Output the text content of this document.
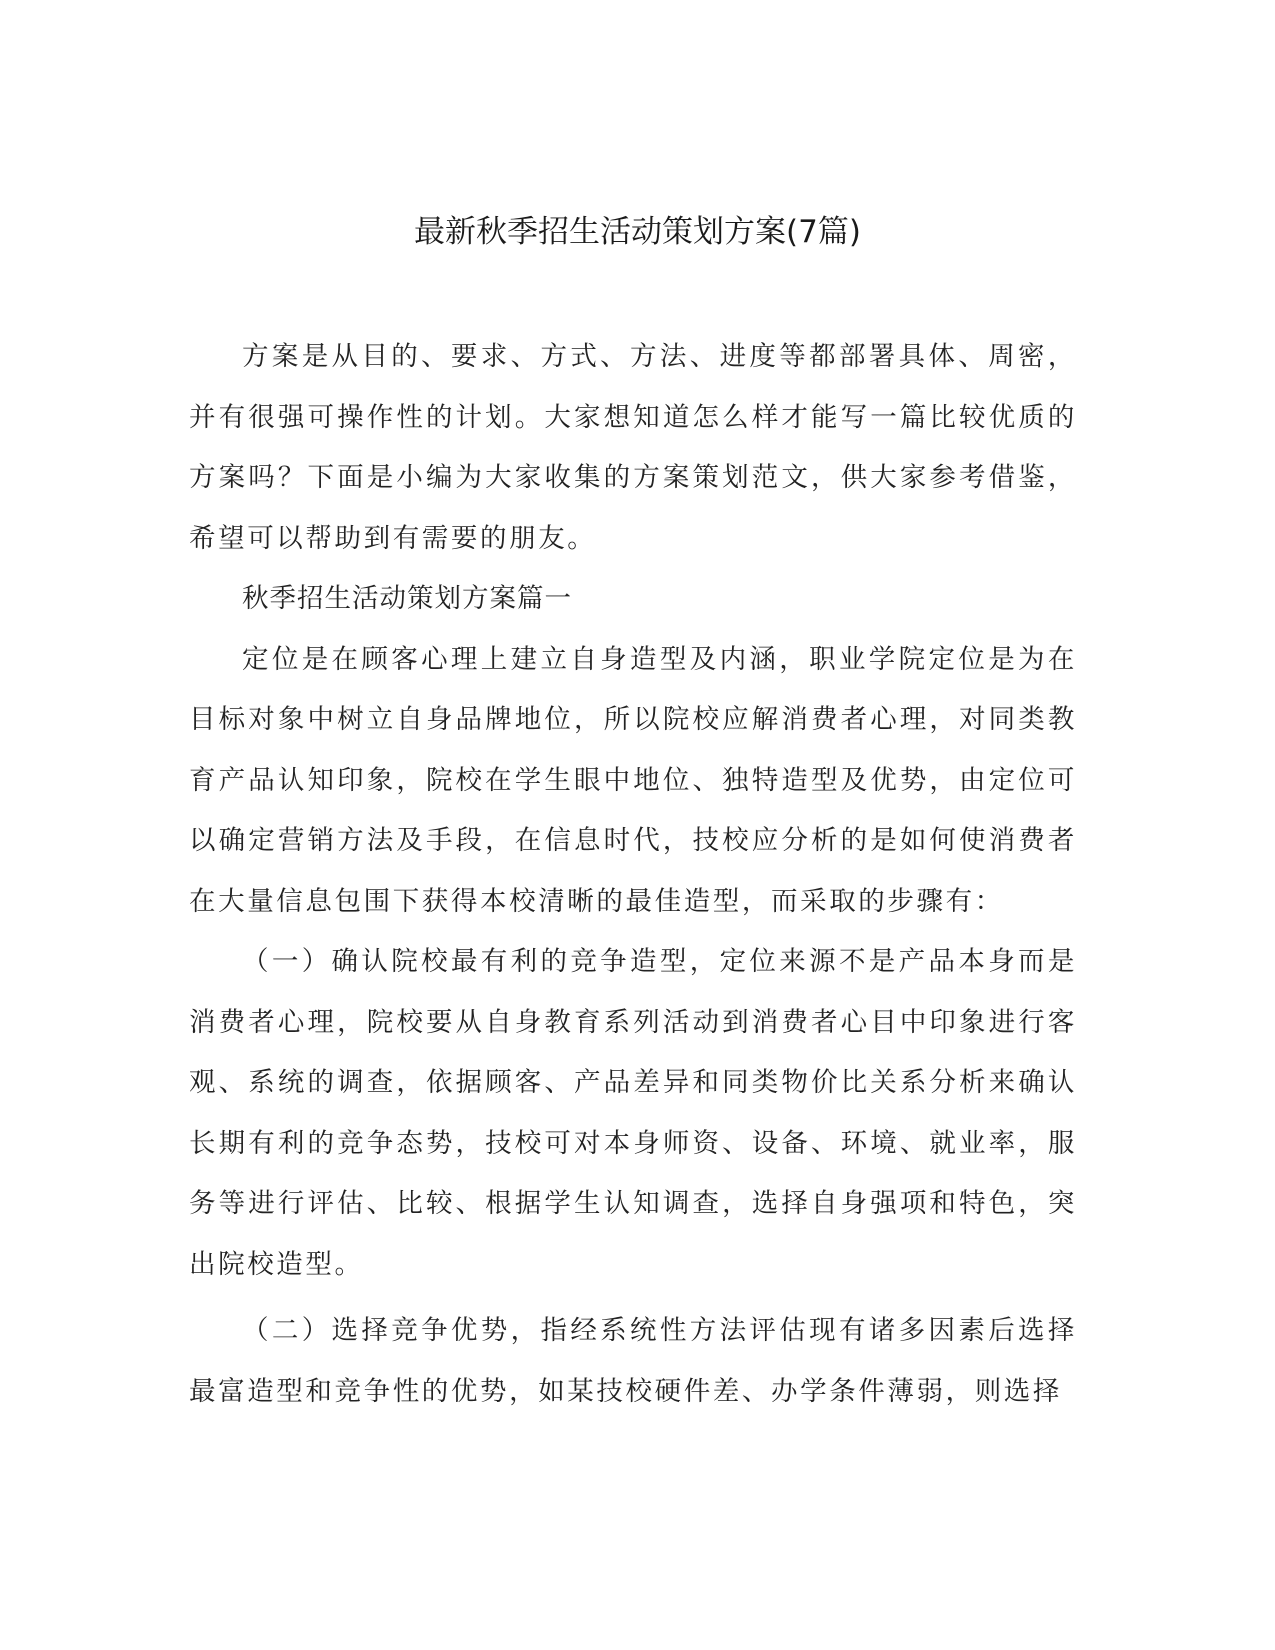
最新秋季招生活动策划方案(7篇)

方案是从目的、要求、方式、方法、进度等都部署具体、周密，并有很强可操作性的计划。大家想知道怎么样才能写一篇比较优质的方案吗？下面是小编为大家收集的方案策划范文，供大家参考借鉴，希望可以帮助到有需要的朋友。

秋季招生活动策划方案篇一

定位是在顾客心理上建立自身造型及内涵，职业学院定位是为在目标对象中树立自身品牌地位，所以院校应解消费者心理，对同类教育产品认知印象，院校在学生眼中地位、独特造型及优势，由定位可以确定营销方法及手段，在信息时代，技校应分析的是如何使消费者在大量信息包围下获得本校清晰的最佳造型，而采取的步骤有：

（一）确认院校最有利的竞争造型，定位来源不是产品本身而是消费者心理，院校要从自身教育系列活动到消费者心目中印象进行客观、系统的调查，依据顾客、产品差异和同类物价比关系分析来确认长期有利的竞争态势，技校可对本身师资、设备、环境、就业率，服务等进行评估、比较、根据学生认知调查，选择自身强项和特色，突出院校造型。

（二）选择竞争优势，指经系统性方法评估现有诸多因素后选择最富造型和竞争性的优势，如某技校硬件差、办学条件薄弱，则选择
